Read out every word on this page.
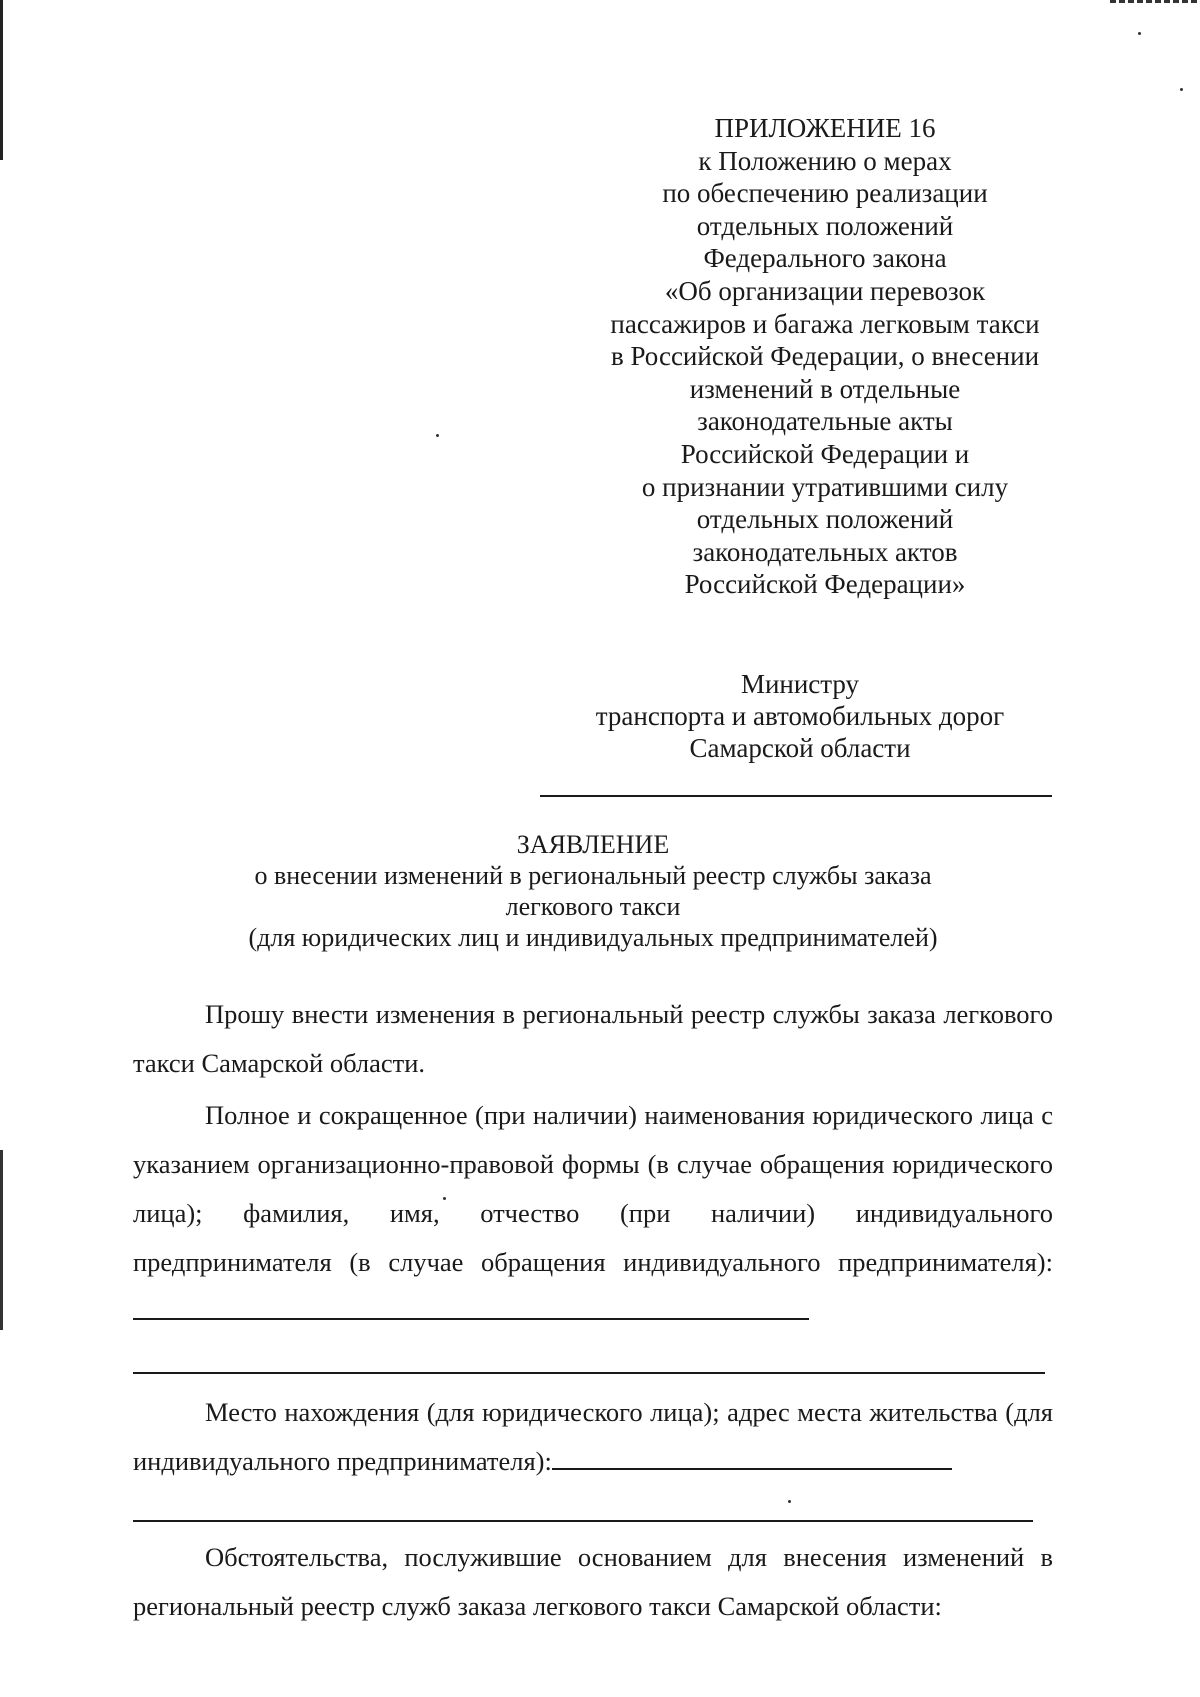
ПРИЛОЖЕНИЕ 16
к Положению о мерах
по обеспечению реализации
отдельных положений
Федерального закона
«Об организации перевозок
пассажиров и багажа легковым такси
в Российской Федерации, о внесении
изменений в отдельные
законодательные акты
Российской Федерации и
о признании утратившими силу
отдельных положений
законодательных актов
Российской Федерации»
Министру
транспорта и автомобильных дорог
Самарской области
ЗАЯВЛЕНИЕ
о внесении изменений в региональный реестр службы заказа
легкового такси
(для юридических лиц и индивидуальных предпринимателей)

Прошу внести изменения в региональный реестр службы заказа легкового такси Самарской области.

Полное и сокращенное (при наличии) наименования юридического лица с указанием организационно-правовой формы (в случае обращения юридического лица); фамилия, имя, отчество (при наличии) индивидуального предпринимателя (в случае обращения индивидуального предпринимателя):

Место нахождения (для юридического лица); адрес места жительства (для индивидуального предпринимателя):

Обстоятельства, послужившие основанием для внесения изменений в региональный реестр служб заказа легкового такси Самарской области:
